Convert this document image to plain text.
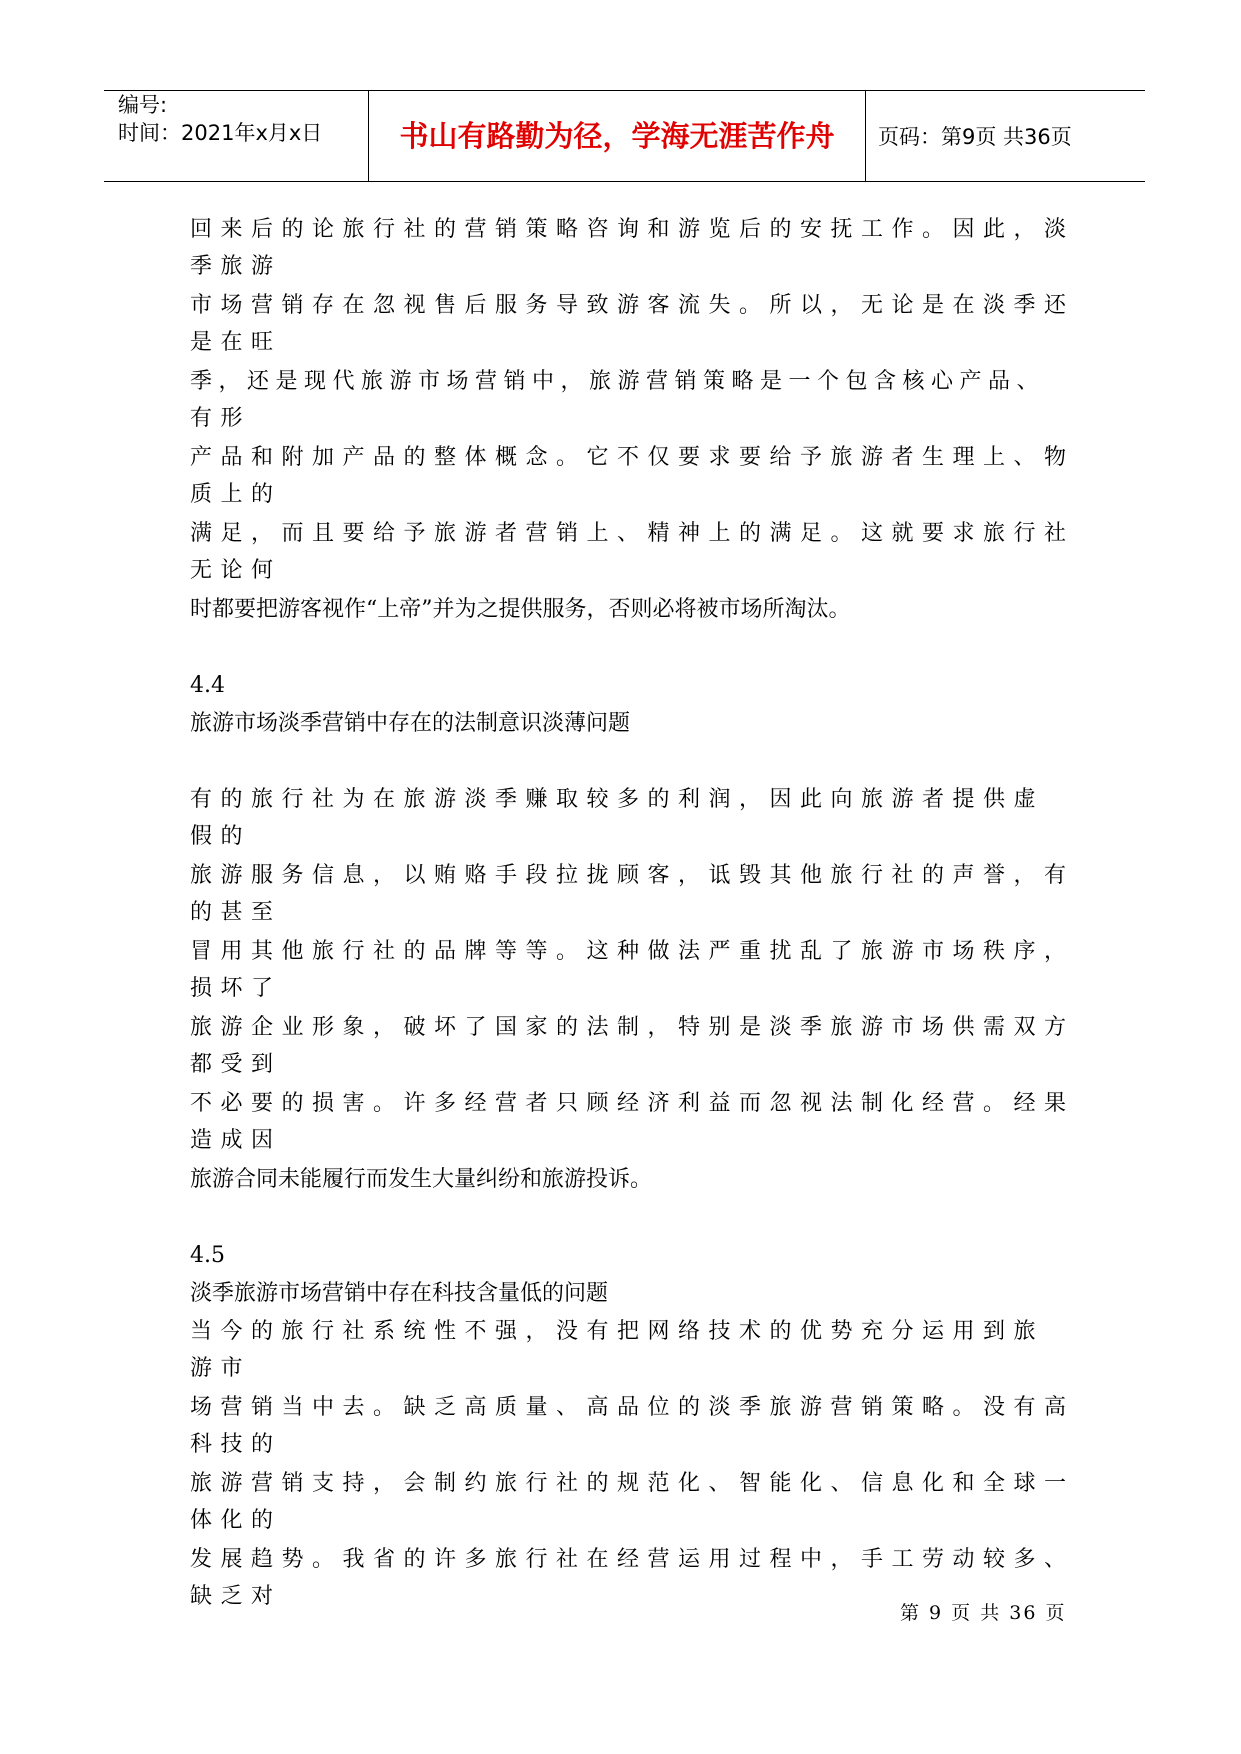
编号:
时间：2021年x月x日	书山有路勤为径，学海无涯苦作舟	页码：第9页 共36页
回来后的论旅行社的营销策略咨询和游览后的安抚工作。因此，淡
季旅游
市场营销存在忽视售后服务导致游客流失。所以，无论是在淡季还
是在旺
季，还是现代旅游市场营销中，旅游营销策略是一个包含核心产品、
有形
产品和附加产品的整体概念。它不仅要求要给予旅游者生理上、物
质上的
满足，而且要给予旅游者营销上、精神上的满足。这就要求旅行社
无论何
时都要把游客视作“上帝”并为之提供服务，否则必将被市场所淘汰。
4.4
旅游市场淡季营销中存在的法制意识淡薄问题
有的旅行社为在旅游淡季赚取较多的利润，因此向旅游者提供虚
假的
旅游服务信息，以贿赂手段拉拢顾客，诋毁其他旅行社的声誉，有
的甚至
冒用其他旅行社的品牌等等。这种做法严重扰乱了旅游市场秩序，
损坏了
旅游企业形象，破坏了国家的法制，特别是淡季旅游市场供需双方
都受到
不必要的损害。许多经营者只顾经济利益而忽视法制化经营。经果
造成因
旅游合同未能履行而发生大量纠纷和旅游投诉。
4.5
淡季旅游市场营销中存在科技含量低的问题
当今的旅行社系统性不强，没有把网络技术的优势充分运用到旅
游市
场营销当中去。缺乏高质量、高品位的淡季旅游营销策略。没有高
科技的
旅游营销支持，会制约旅行社的规范化、智能化、信息化和全球一
体化的
发展趋势。我省的许多旅行社在经营运用过程中，手工劳动较多、
缺乏对
第 9 页 共 36 页
